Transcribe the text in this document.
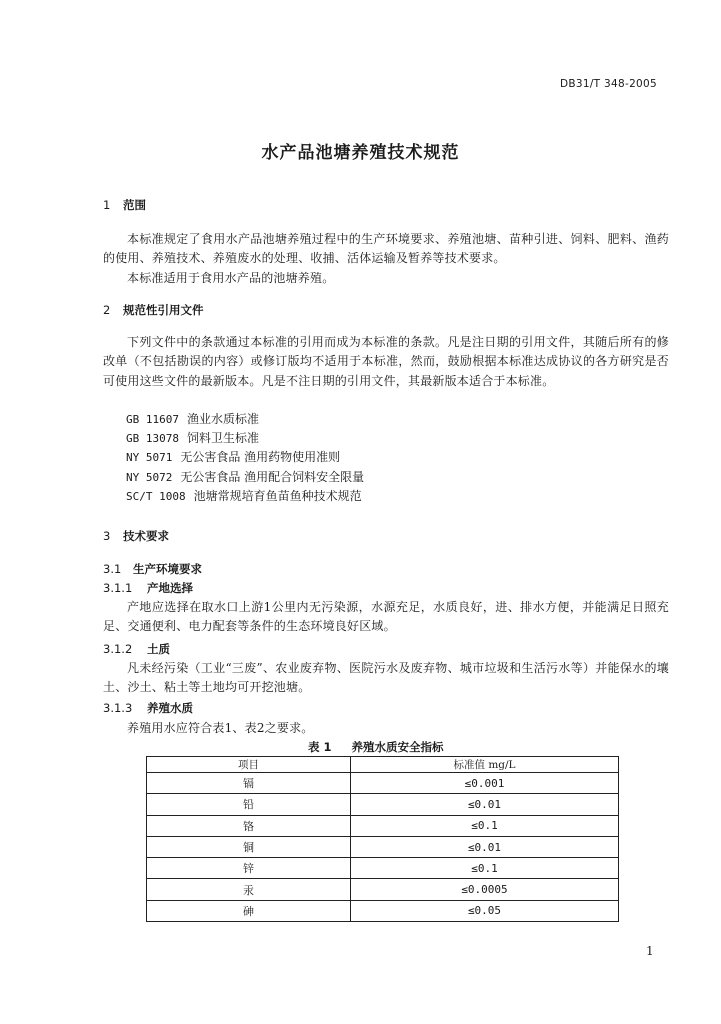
DB31/T 348-2005
水产品池塘养殖技术规范
1 范围
本标准规定了食用水产品池塘养殖过程中的生产环境要求、养殖池塘、苗种引进、饲料、肥料、渔药的使用、养殖技术、养殖废水的处理、收捕、活体运输及暂养等技术要求。
本标准适用于食用水产品的池塘养殖。
2 规范性引用文件
下列文件中的条款通过本标准的引用而成为本标准的条款。凡是注日期的引用文件，其随后所有的修改单（不包括勘误的内容）或修订版均不适用于本标准，然而，鼓励根据本标准达成协议的各方研究是否可使用这些文件的最新版本。凡是不注日期的引用文件，其最新版本适合于本标准。
GB 11607 渔业水质标准
GB 13078 饲料卫生标准
NY 5071 无公害食品 渔用药物使用准则
NY 5072 无公害食品 渔用配合饲料安全限量
SC/T 1008 池塘常规培育鱼苗鱼种技术规范
3 技术要求
3.1 生产环境要求
3.1.1 产地选择
产地应选择在取水口上游1公里内无污染源，水源充足，水质良好，进、排水方便，并能满足日照充足、交通便利、电力配套等条件的生态环境良好区域。
3.1.2 土质
凡未经污染（工业“三废”、农业废弃物、医院污水及废弃物、城市垃圾和生活污水等）并能保水的壤土、沙土、粘土等土地均可开挖池塘。
3.1.3 养殖水质
养殖用水应符合表1、表2之要求。
表 1 养殖水质安全指标
项目	标准值 mg/L
镉	≤0.001
铅	≤0.01
铬	≤0.1
铜	≤0.01
锌	≤0.1
汞	≤0.0005
砷	≤0.05
1
